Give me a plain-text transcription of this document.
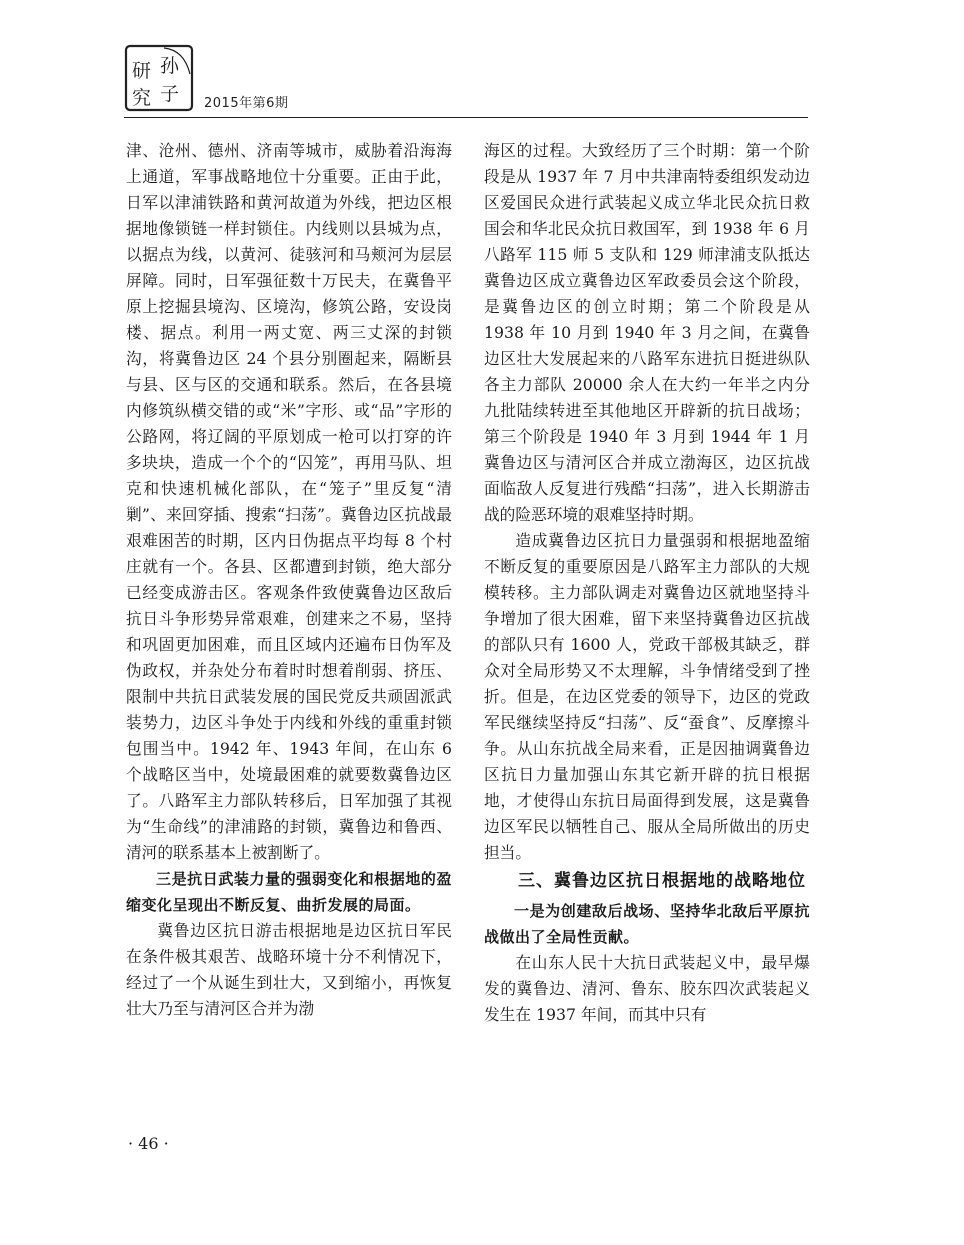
研 孙
究 子 2015年第6期

津、沧州、德州、济南等城市，威胁着沿海海上通道，军事战略地位十分重要。正由于此，日军以津浦铁路和黄河故道为外线，把边区根据地像锁链一样封锁住。内线则以县城为点，以据点为线，以黄河、徒骇河和马颊河为层层屏障。同时，日军强征数十万民夫，在冀鲁平原上挖掘县境沟、区境沟，修筑公路，安设岗楼、据点。利用一两丈宽、两三丈深的封锁沟，将冀鲁边区 24 个县分别圈起来，隔断县与县、区与区的交通和联系。然后，在各县境内修筑纵横交错的或“米”字形、或“品”字形的公路网，将辽阔的平原划成一枪可以打穿的许多块块，造成一个个的“囚笼”，再用马队、坦克和快速机械化部队，在“笼子”里反复“清剿”、来回穿插、搜索“扫荡”。冀鲁边区抗战最艰难困苦的时期，区内日伪据点平均每 8 个村庄就有一个。各县、区都遭到封锁，绝大部分已经变成游击区。客观条件致使冀鲁边区敌后抗日斗争形势异常艰难，创建来之不易，坚持和巩固更加困难，而且区域内还遍布日伪军及伪政权，并杂处分布着时时想着削弱、挤压、限制中共抗日武装发展的国民党反共顽固派武装势力，边区斗争处于内线和外线的重重封锁包围当中。1942 年、1943 年间，在山东 6 个战略区当中，处境最困难的就要数冀鲁边区了。八路军主力部队转移后，日军加强了其视为“生命线”的津浦路的封锁，冀鲁边和鲁西、清河的联系基本上被割断了。

三是抗日武装力量的强弱变化和根据地的盈缩变化呈现出不断反复、曲折发展的局面。

冀鲁边区抗日游击根据地是边区抗日军民在条件极其艰苦、战略环境十分不利情况下，经过了一个从诞生到壮大，又到缩小，再恢复壮大乃至与清河区合并为渤

海区的过程。大致经历了三个时期：第一个阶段是从 1937 年 7 月中共津南特委组织发动边区爱国民众进行武装起义成立华北民众抗日救国会和华北民众抗日救国军，到 1938 年 6 月八路军 115 师 5 支队和 129 师津浦支队抵达冀鲁边区成立冀鲁边区军政委员会这个阶段，是冀鲁边区的创立时期；第二个阶段是从 1938 年 10 月到 1940 年 3 月之间，在冀鲁边区壮大发展起来的八路军东进抗日挺进纵队各主力部队 20000 余人在大约一年半之内分九批陆续转进至其他地区开辟新的抗日战场；第三个阶段是 1940 年 3 月到 1944 年 1 月冀鲁边区与清河区合并成立渤海区，边区抗战面临敌人反复进行残酷“扫荡”，进入长期游击战的险恶环境的艰难坚持时期。

造成冀鲁边区抗日力量强弱和根据地盈缩不断反复的重要原因是八路军主力部队的大规模转移。主力部队调走对冀鲁边区就地坚持斗争增加了很大困难，留下来坚持冀鲁边区抗战的部队只有 1600 人，党政干部极其缺乏，群众对全局形势又不太理解，斗争情绪受到了挫折。但是，在边区党委的领导下，边区的党政军民继续坚持反“扫荡”、反“蚕食”、反摩擦斗争。从山东抗战全局来看，正是因抽调冀鲁边区抗日力量加强山东其它新开辟的抗日根据地，才使得山东抗日局面得到发展，这是冀鲁边区军民以牺牲自己、服从全局所做出的历史担当。

三、冀鲁边区抗日根据地的战略地位

一是为创建敌后战场、坚持华北敌后平原抗战做出了全局性贡献。

在山东人民十大抗日武装起义中，最早爆发的冀鲁边、清河、鲁东、胶东四次武装起义发生在 1937 年间，而其中只有

· 46 ·
